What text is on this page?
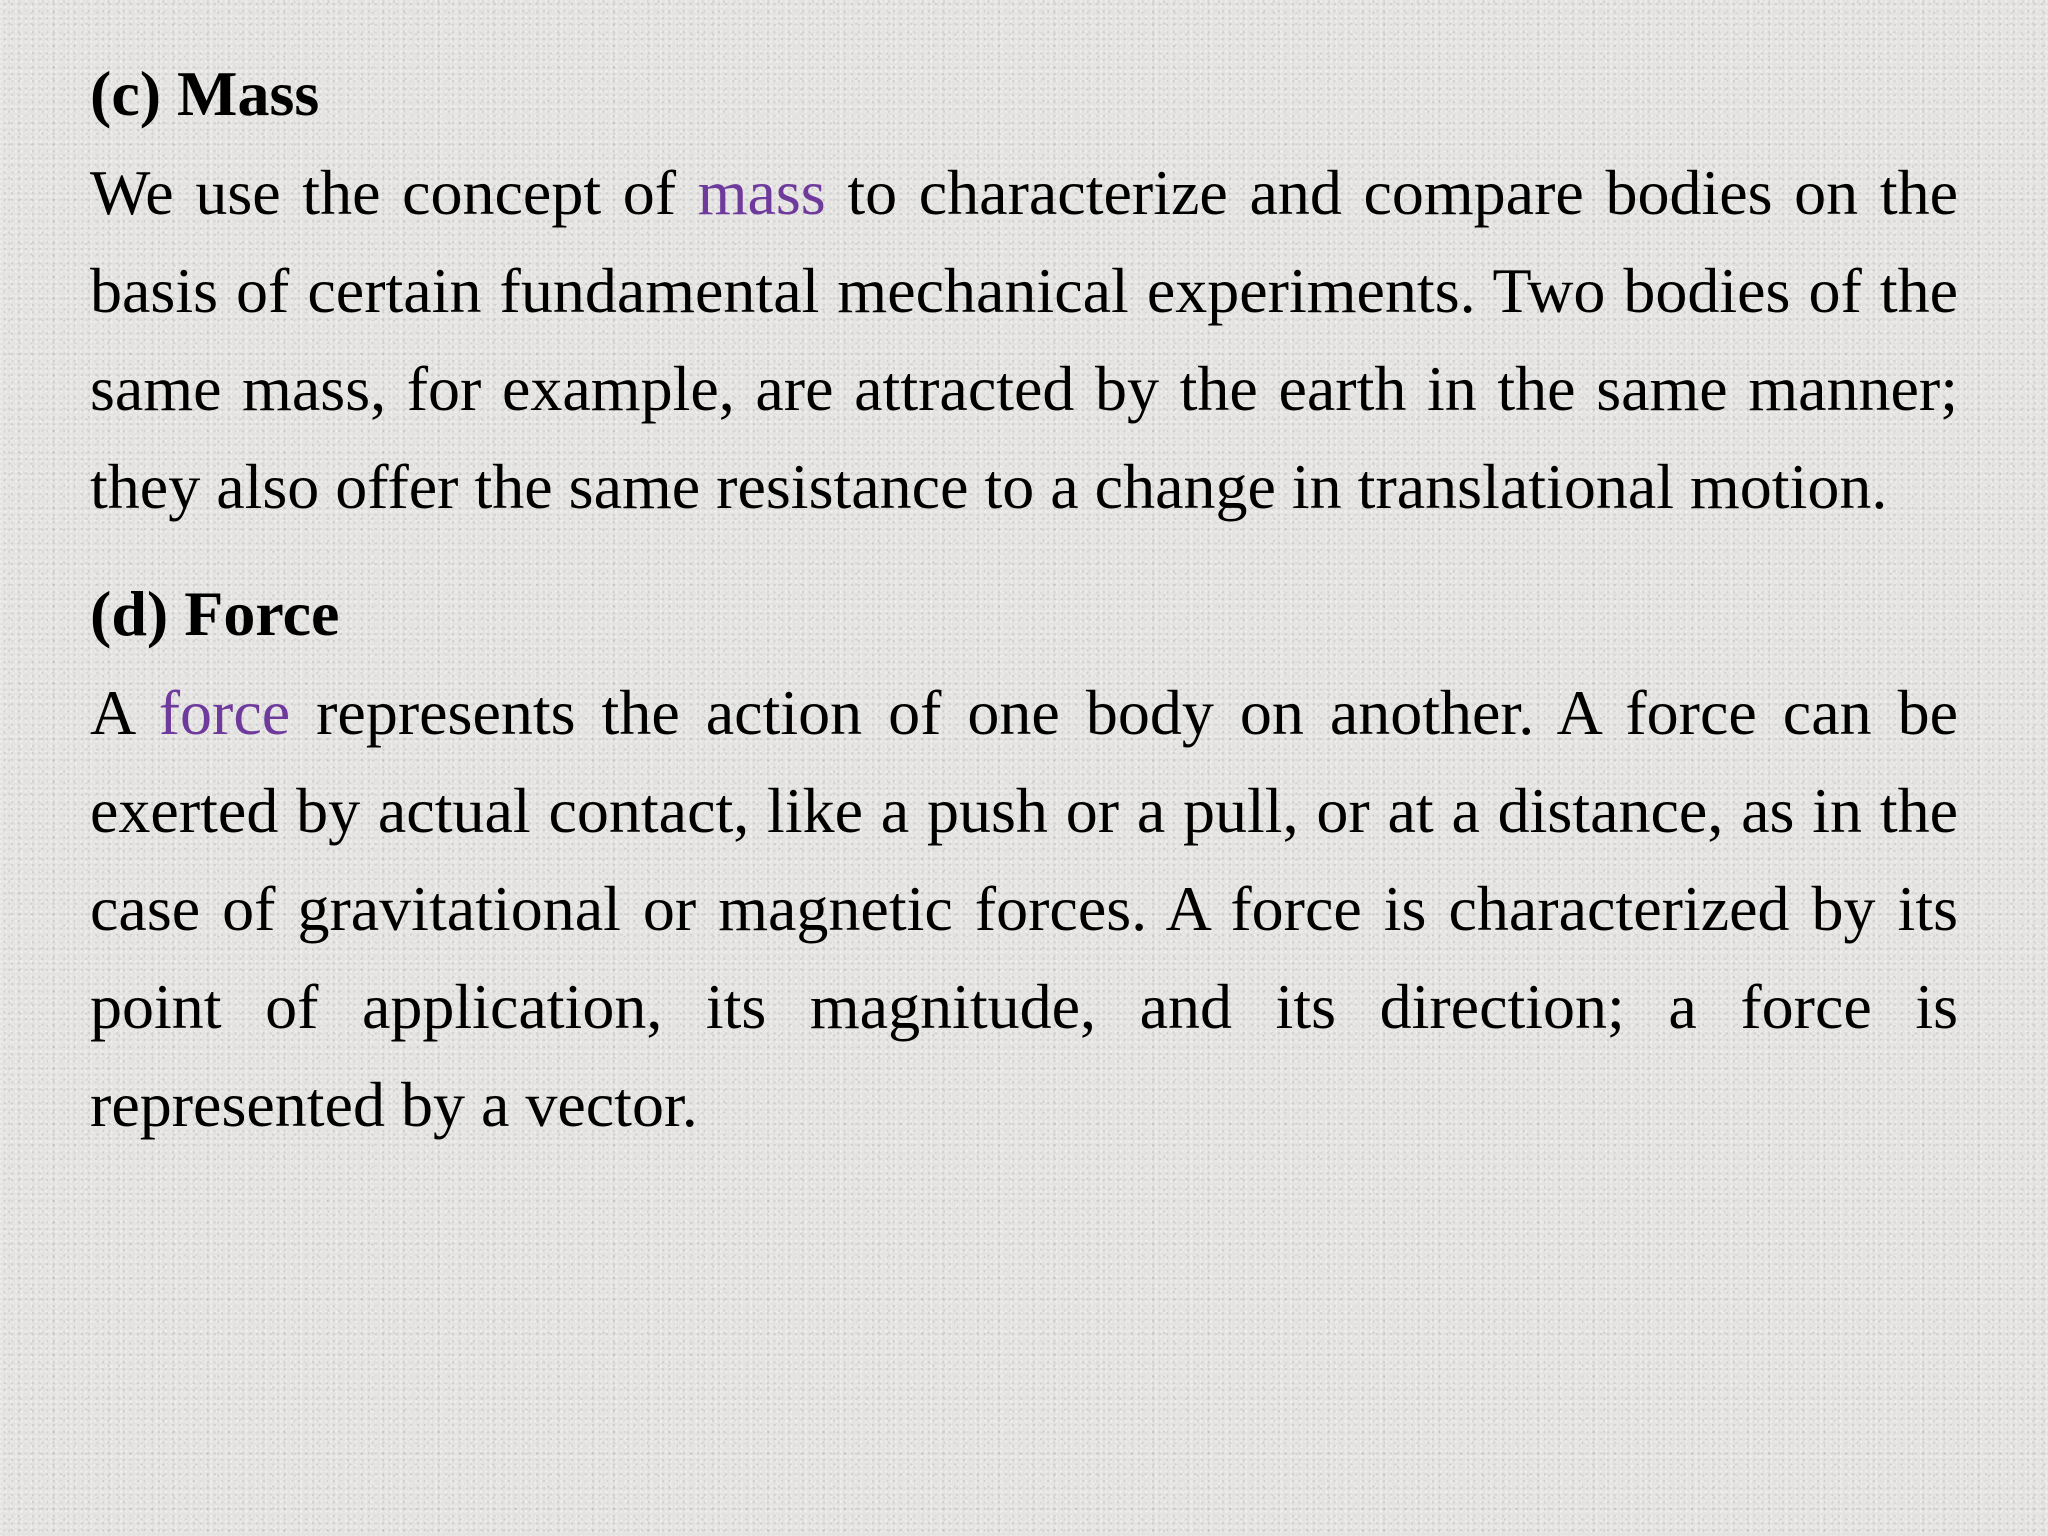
(c) Mass

We use the concept of mass to characterize and compare bodies on the basis of certain fundamental mechanical experiments. Two bodies of the same mass, for example, are attracted by the earth in the same manner; they also offer the same resistance to a change in translational motion.

(d) Force

A force represents the action of one body on another. A force can be exerted by actual contact, like a push or a pull, or at a distance, as in the case of gravitational or magnetic forces. A force is characterized by its point of application, its magnitude, and its direction; a force is represented by a vector.
